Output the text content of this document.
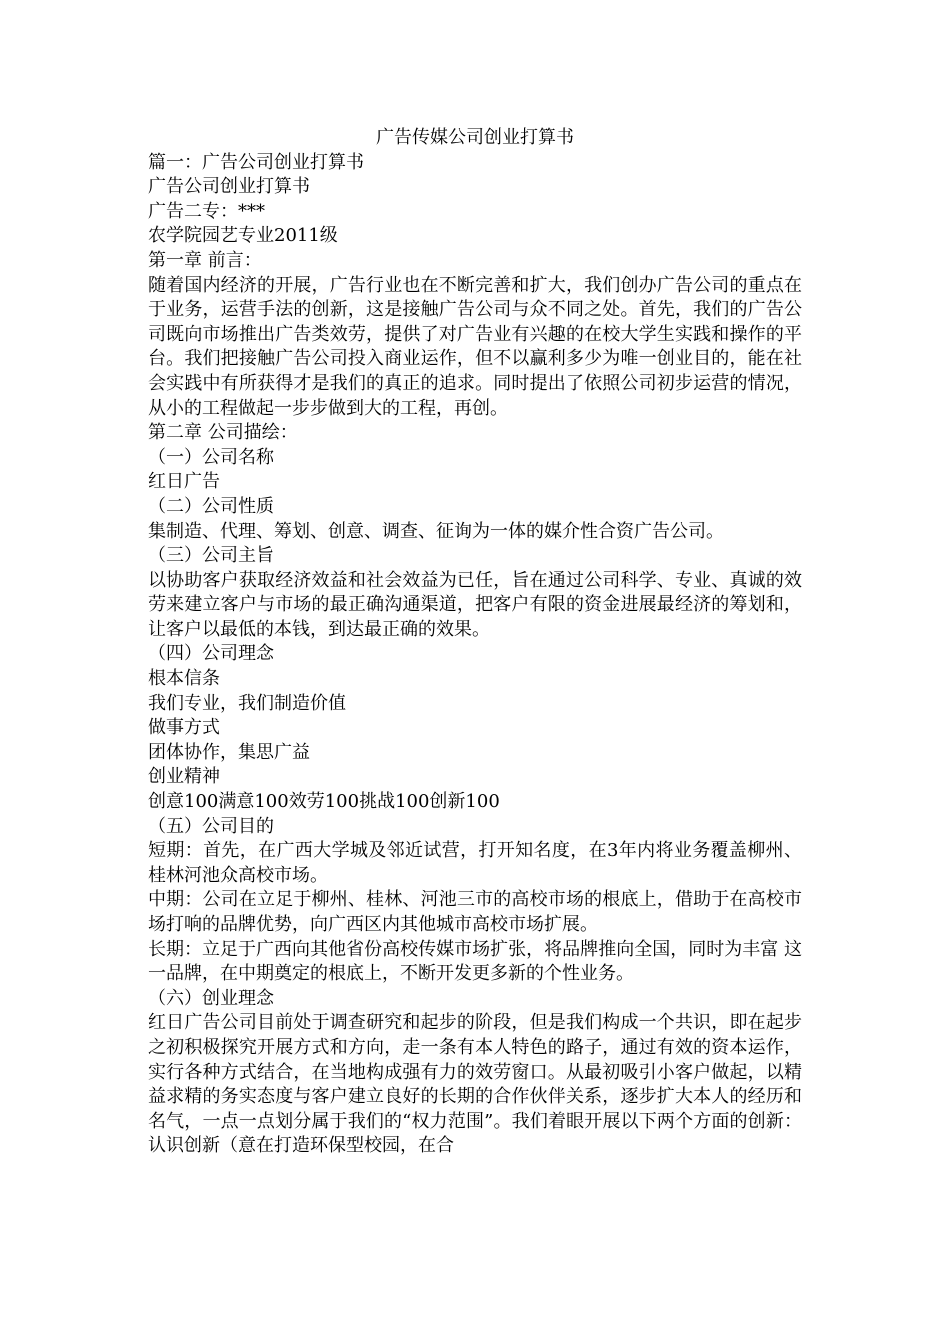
广告传媒公司创业打算书

篇一：广告公司创业打算书

广告公司创业打算书

广告二专：***

农学院园艺专业2011级

第一章 前言：

随着国内经济的开展，广告行业也在不断完善和扩大，我们创办广告公司的重点在于业务，运营手法的创新，这是接触广告公司与众不同之处。首先，我们的广告公司既向市场推出广告类效劳，提供了对广告业有兴趣的在校大学生实践和操作的平台。我们把接触广告公司投入商业运作，但不以赢利多少为唯一创业目的，能在社会实践中有所获得才是我们的真正的追求。同时提出了依照公司初步运营的情况，从小的工程做起一步步做到大的工程，再创。

第二章 公司描绘：

（一）公司名称

红日广告

（二）公司性质

集制造、代理、筹划、创意、调查、征询为一体的媒介性合资广告公司。

（三）公司主旨

以协助客户获取经济效益和社会效益为已任，旨在通过公司科学、专业、真诚的效劳来建立客户与市场的最正确沟通渠道，把客户有限的资金进展最经济的筹划和，让客户以最低的本钱，到达最正确的效果。

（四）公司理念

根本信条

我们专业，我们制造价值

做事方式

团体协作，集思广益

创业精神

创意100满意100效劳100挑战100创新100

（五）公司目的

短期：首先，在广西大学城及邻近试营，打开知名度，在3年内将业务覆盖柳州、桂林河池众高校市场。

中期：公司在立足于柳州、桂林、河池三市的高校市场的根底上，借助于在高校市场打响的品牌优势，向广西区内其他城市高校市场扩展。

长期：立足于广西向其他省份高校传媒市场扩张，将品牌推向全国，同时为丰富 这一品牌，在中期奠定的根底上，不断开发更多新的个性业务。

（六）创业理念

红日广告公司目前处于调查研究和起步的阶段，但是我们构成一个共识，即在起步之初积极探究开展方式和方向，走一条有本人特色的路子，通过有效的资本运作，实行各种方式结合，在当地构成强有力的效劳窗口。从最初吸引小客户做起，以精益求精的务实态度与客户建立良好的长期的合作伙伴关系，逐步扩大本人的经历和名气，一点一点划分属于我们的“权力范围”。我们着眼开展以下两个方面的创新：认识创新（意在打造环保型校园，在合
